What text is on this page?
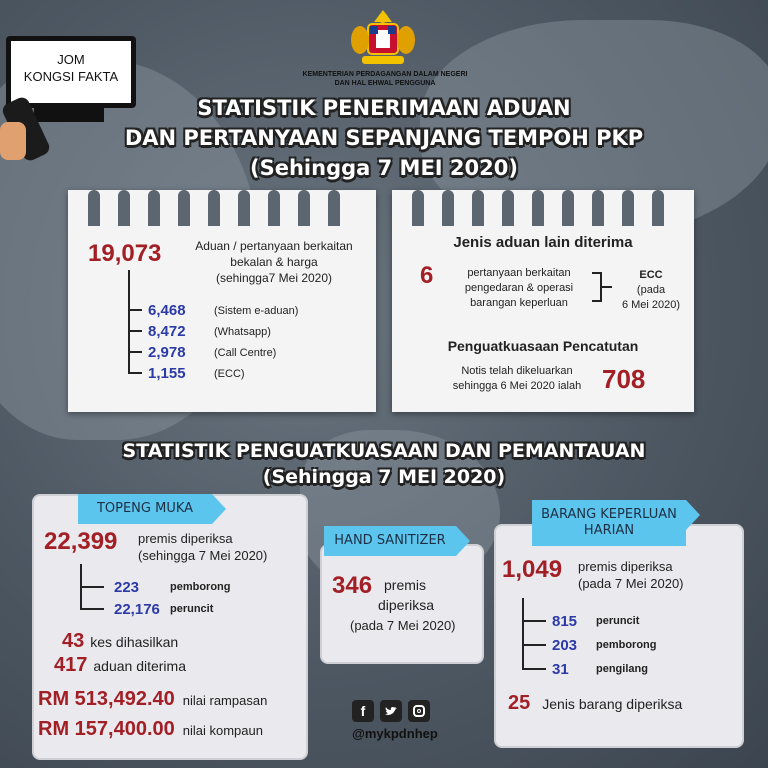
JOM
KONGSI FAKTA	KEMENTERIAN PERDAGANGAN DALAM NEGERI
DAN HAL EHWAL PENGGUNA
STATISTIK PENERIMAAN ADUAN
DAN PERTANYAAN SEPANJANG TEMPOH PKP
(Sehingga 7 MEI 2020)
19,073	Aduan / pertanyaan berkaitan
bekalan & harga
(sehingga7 Mei 2020)
6,468	(Sistem e-aduan)
8,472	(Whatsapp)
2,978	(Call Centre)
1,155	(ECC)
Jenis aduan lain diterima
6	pertanyaan berkaitan
pengedaran & operasi
barangan keperluan
ECC
(pada
6 Mei 2020)
Penguatkuasaan Pencatutan
Notis telah dikeluarkan
sehingga 6 Mei 2020 ialah 708
STATISTIK PENGUATKUASAAN DAN PEMANTAUAN
(Sehingga 7 MEI 2020)
TOPENG MUKA
22,399 premis diperiksa
(sehingga 7 Mei 2020)
223	pemborong
22,176 peruncit
43 kes dihasilkan
417 aduan diterima
RM 513,492.40 nilai rampasan
RM 157,400.00 nilai kompaun
HAND SANITIZER
346 premis
diperiksa
(pada 7 Mei 2020)
BARANG KEPERLUAN
HARIAN
1,049 premis diperiksa
(pada 7 Mei 2020)
815	peruncit
203	pemborong
31	pengilang
25 Jenis barang diperiksa
f
@mykpdnhep
